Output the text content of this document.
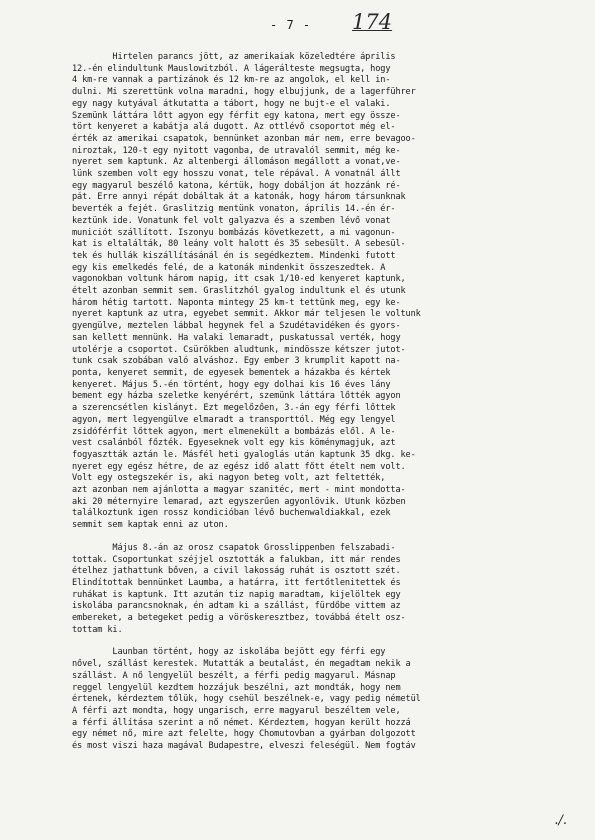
- 7 - 174

Hirtelen parancs jött, az amerikaiak közeledtére április

12.-én elindultunk Mauslowitzból. A lágerálteste megsugta, hogy

4 km-re vannak a partizánok és 12 km-re az angolok, el kell in-

dulni. Mi szerettünk volna maradni, hogy elbujjunk, de a lagerführer

egy nagy kutyával átkutatta a tábort, hogy ne bujt-e el valaki.

Szemünk láttára lőtt agyon egy férfit egy katona, mert egy össze-

tört kenyeret a kabátja alá dugott. Az ottlévő csoportot még el-

érték az amerikai csapatok, bennünket azonban már nem, erre bevagoo-

niroztak, 120-t egy nyitott vagonba, de utravalól semmit, még ke-

nyeret sem kaptunk. Az altenbergi állomáson megállott a vonat,ve-

lünk szemben volt egy hosszu vonat, tele répával. A vonatnál állt

egy magyarul beszélő katona, kértük, hogy dobáljon át hozzánk ré-

pát. Erre annyi répát dobáltak át a katonák, hogy három társunknak

beverték a fejét. Graslitzig mentünk vonaton, április 14.-én ér-

keztünk ide. Vonatunk fel volt galyazva és a szemben lévő vonat

municiót szállított. Iszonyu bombázás következett, a mi vagonun-

kat is eltalálták, 80 leány volt halott és 35 sebesült. A sebesül-

tek és hullák kiszállításánál én is segédkeztem. Mindenki futott

egy kis emelkedés felé, de a katonák mindenkit összeszedtek. A

vagonokban voltunk három napig, itt csak 1/10-ed kenyeret kaptunk,

ételt azonban semmit sem. Graslitzhól gyalog indultunk el és utunk

három hétig tartott. Naponta mintegy 25 km-t tettünk meg, egy ke-

nyeret kaptunk az utra, egyebet semmit. Akkor már teljesen le voltunk

gyengülve, meztelen lábbal hegynek fel a Szudétavidéken és gyors-

san kellett mennünk. Ha valaki lemaradt, puskatussal verték, hogy

utolérje a csoportot. Csürökben aludtunk, mindössze kétszer jutot-

tunk csak szobában való alváshoz. Egy ember 3 krumplit kapott na-

ponta, kenyeret semmit, de egyesek bementek a házakba és kértek

kenyeret. Május 5.-én történt, hogy egy dolhai kis 16 éves lány

bement egy házba szeletke kenyérért, szemünk láttára lőtték agyon

a szerencsétlen kislányt. Ezt megelőzően, 3.-án egy férfi lőttek

agyon, mert legyengülve elmaradt a transporttól. Még egy lengyel

zsidóférfit lőttek agyon, mert elmenekült a bombázás elől. A le-

vest csalánból főzték. Egyeseknek volt egy kis köménymagjuk, azt

fogyasztták aztán le. Másfél heti gyaloglás után kaptunk 35 dkg. ke-

nyeret egy egész hétre, de az egész idő alatt főtt ételt nem volt.

Volt egy ostegszekér is, aki nagyon beteg volt, azt feltették,

azt azonban nem ajánlotta a magyar szanitéc, mert - mint mondotta-

aki 20 méternyire lemarad, azt egyszerűen agyonlövik. Utunk közben

találkoztunk igen rossz kondicióban lévő buchenwaldiakkal, ezek

semmit sem kaptak enni az uton.

Május 8.-án az orosz csapatok Grosslippenben felszabadi-

tottak. Csoportunkat széjjel osztották a falukban, itt már rendes

ételhez jathattunk bőven, a civil lakosság ruhát is osztott szét.

Elindítottak bennünket Laumba, a határra, itt fertőtlenitettek és

ruhákat is kaptunk. Itt azután tiz napig maradtam, kijelöltek egy

iskolába parancsnoknak, én adtam ki a szállást, fürdőbe vittem az

embereket, a betegeket pedig a vöröskeresztbez, továbbá ételt osz-

tottam ki.

Launban történt, hogy az iskolába bejött egy férfi egy

nővel, szállást kerestek. Mutatták a beutalást, én megadtam nekik a

szállást. A nő lengyelül beszélt, a férfi pedig magyarul. Másnap

reggel lengyelül kezdtem hozzájuk beszélni, azt mondták, hogy nem

értenek, kérdeztem tőlük, hogy csehül beszélnek-e, vagy pedig németül

A férfi azt mondta, hogy ungarisch, erre magyarul beszéltem vele,

a férfi állítása szerint a nő német. Kérdeztem, hogyan került hozzá

egy német nő, mire azt felelte, hogy Chomutovban a gyárban dolgozott

és most viszi haza magával Budapestre, elveszi feleségül. Nem fogtáv

./.
